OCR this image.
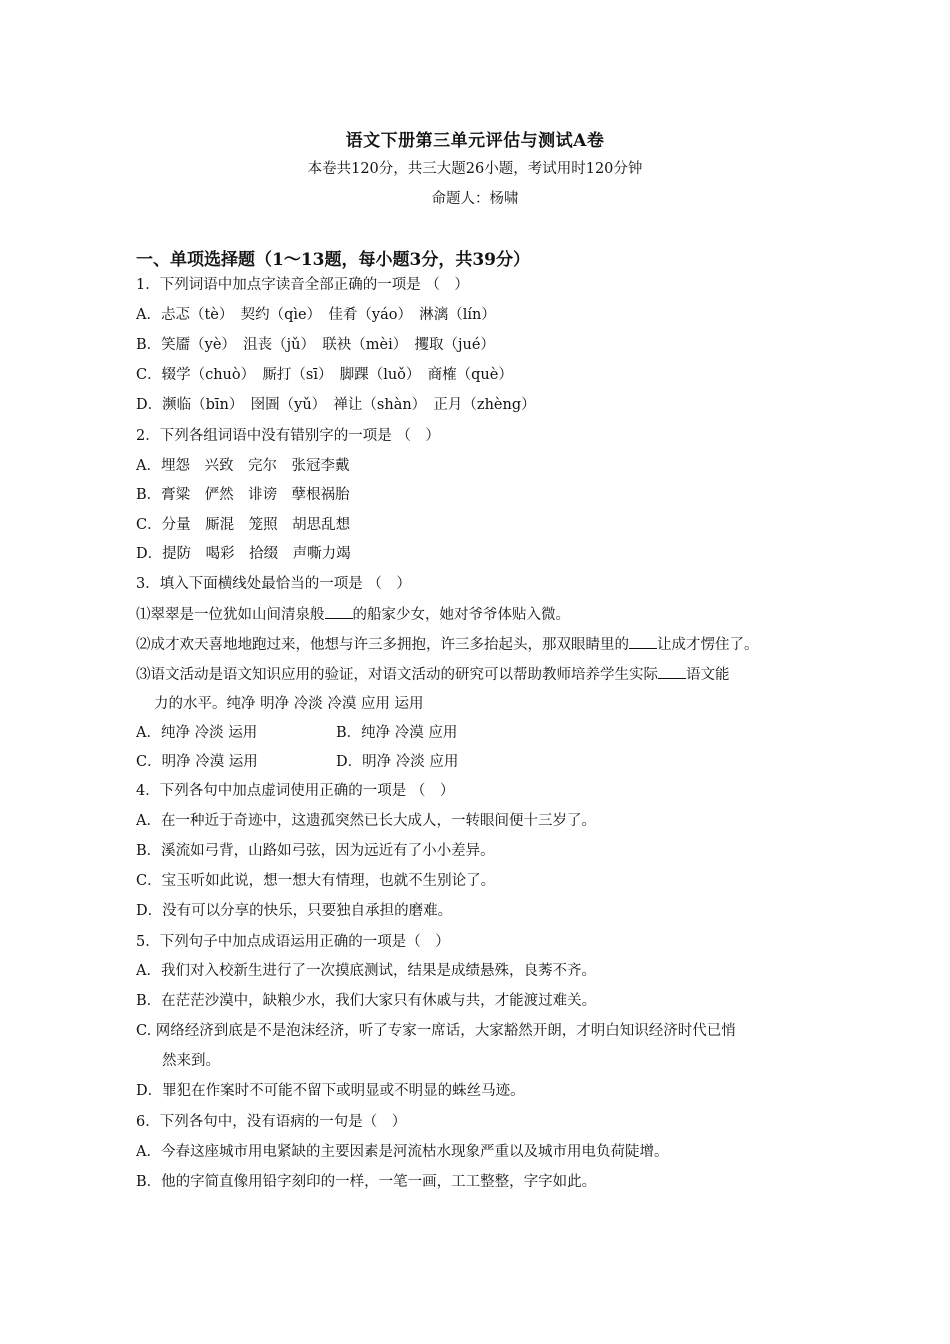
语文下册第三单元评估与测试A卷
本卷共120分，共三大题26小题，考试用时120分钟
命题人：杨啸
一、单项选择题（1～13题，每小题3分，共39分）
1．下列词语中加点字读音全部正确的一项是 （　）
A．忐忑（tè）　契约（qìe）　佳肴（yáo）　淋漓（lín）
B．笑靥（yè）　沮丧（jǔ）　联袂（mèi）　攫取（jué）
C．辍学（chuò）　厮打（sī）　脚踝（luǒ）　商榷（què）
D．濒临（bīn）　囹圄（yǔ）　禅让（shàn）　正月（zhèng）
2．下列各组词语中没有错别字的一项是 （　）
A．埋怨　兴致　完尔　张冠李戴
B．膏粱　俨然　诽谤　孽根祸胎
C．分量　厮混　笼照　胡思乱想
D．提防　喝彩　拾缀　声嘶力竭
3．填入下面横线处最恰当的一项是 （　）
⑴翠翠是一位犹如山间清泉般 的船家少女，她对爷爷体贴入微。
⑵成才欢天喜地地跑过来，他想与许三多拥抱，许三多抬起头，那双眼睛里的 让成才愣住了。
⑶语文活动是语文知识应用的验证，对语文活动的研究可以帮助教师培养学生实际 语文能
力的水平。纯净 明净 冷淡 冷漠 应用 运用
A．纯净 冷淡 运用	B．纯净 冷漠 应用
C．明净 冷漠 运用	D．明净 冷淡 应用
4．下列各句中加点虚词使用正确的一项是 （　）
A．在一种近于奇迹中，这遗孤突然已长大成人，一转眼间便十三岁了。
B．溪流如弓背，山路如弓弦，因为远近有了小小差异。
C．宝玉听如此说，想一想大有情理，也就不生别论了。
D．没有可以分享的快乐，只要独自承担的磨难。
5．下列句子中加点成语运用正确的一项是（　）
A．我们对入校新生进行了一次摸底测试，结果是成绩悬殊，良莠不齐。
B．在茫茫沙漠中，缺粮少水，我们大家只有休戚与共，才能渡过难关。
C. 网络经济到底是不是泡沫经济，听了专家一席话，大家豁然开朗，才明白知识经济时代已悄
然来到。
D．罪犯在作案时不可能不留下或明显或不明显的蛛丝马迹。
6．下列各句中，没有语病的一句是（　）
A．今春这座城市用电紧缺的主要因素是河流枯水现象严重以及城市用电负荷陡增。
B．他的字简直像用铅字刻印的一样，一笔一画，工工整整，字字如此。
